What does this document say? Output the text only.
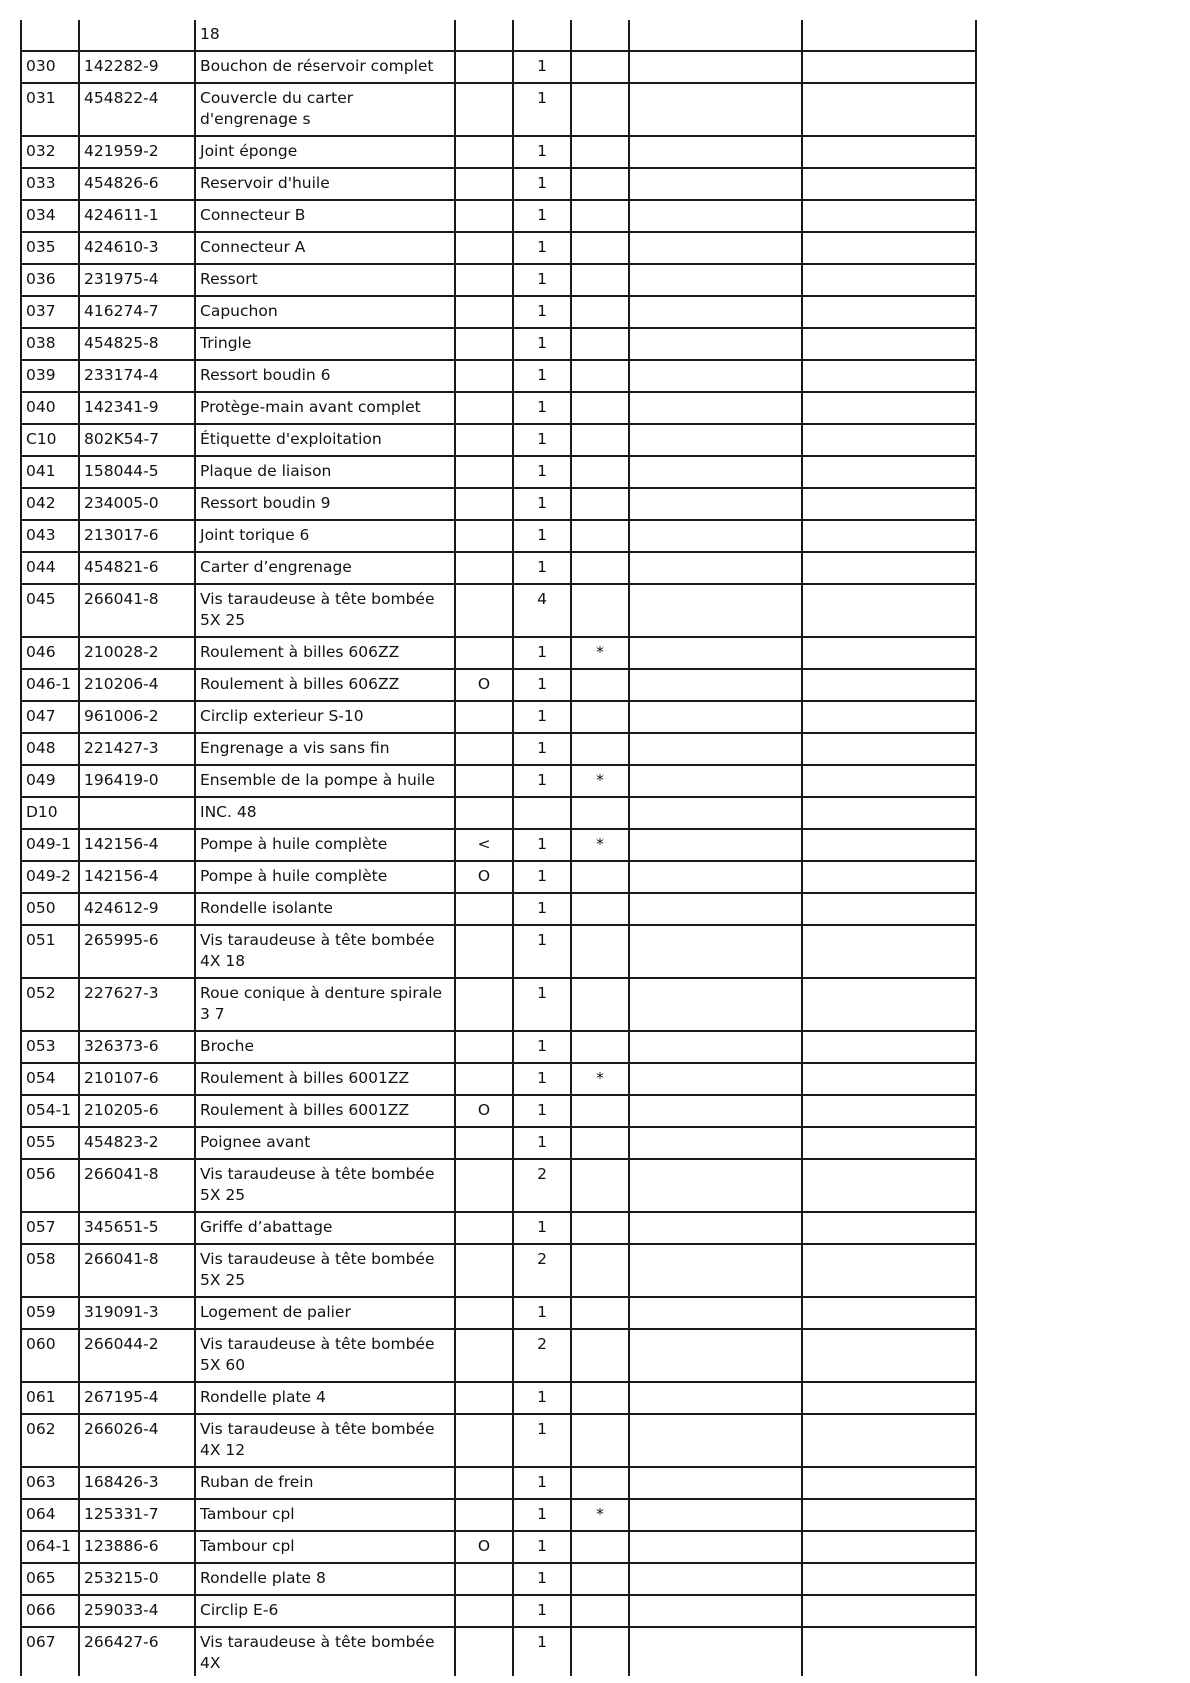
		18					
030	142282-9	Bouchon de réservoir complet		1			
031	454822-4	Couvercle du carter d'engrenage s		1			
032	421959-2	Joint éponge		1			
033	454826-6	Reservoir d'huile		1			
034	424611-1	Connecteur B		1			
035	424610-3	Connecteur A		1			
036	231975-4	Ressort		1			
037	416274-7	Capuchon		1			
038	454825-8	Tringle		1			
039	233174-4	Ressort boudin 6		1			
040	142341-9	Protège-main avant complet		1			
C10	802K54-7	Étiquette d'exploitation		1			
041	158044-5	Plaque de liaison		1			
042	234005-0	Ressort boudin 9		1			
043	213017-6	Joint torique 6		1			
044	454821-6	Carter d’engrenage		1			
045	266041-8	Vis taraudeuse à tête bombée 5X 25		4			
046	210028-2	Roulement à billes 606ZZ		1	*		
046-1	210206-4	Roulement à billes 606ZZ	O	1			
047	961006-2	Circlip exterieur S-10		1			
048	221427-3	Engrenage a vis sans fin		1			
049	196419-0	Ensemble de la pompe à huile		1	*		
D10		INC. 48					
049-1	142156-4	Pompe à huile complète	<	1	*		
049-2	142156-4	Pompe à huile complète	O	1			
050	424612-9	Rondelle isolante		1			
051	265995-6	Vis taraudeuse à tête bombée 4X 18		1			
052	227627-3	Roue conique à denture spirale 3 7		1			
053	326373-6	Broche		1			
054	210107-6	Roulement à billes 6001ZZ		1	*		
054-1	210205-6	Roulement à billes 6001ZZ	O	1			
055	454823-2	Poignee avant		1			
056	266041-8	Vis taraudeuse à tête bombée 5X 25		2			
057	345651-5	Griffe d’abattage		1			
058	266041-8	Vis taraudeuse à tête bombée 5X 25		2			
059	319091-3	Logement de palier		1			
060	266044-2	Vis taraudeuse à tête bombée 5X 60		2			
061	267195-4	Rondelle plate 4		1			
062	266026-4	Vis taraudeuse à tête bombée 4X 12		1			
063	168426-3	Ruban de frein		1			
064	125331-7	Tambour cpl		1	*		
064-1	123886-6	Tambour cpl	O	1			
065	253215-0	Rondelle plate 8		1			
066	259033-4	Circlip E-6		1			
067	266427-6	Vis taraudeuse à tête bombée 4X		1			
